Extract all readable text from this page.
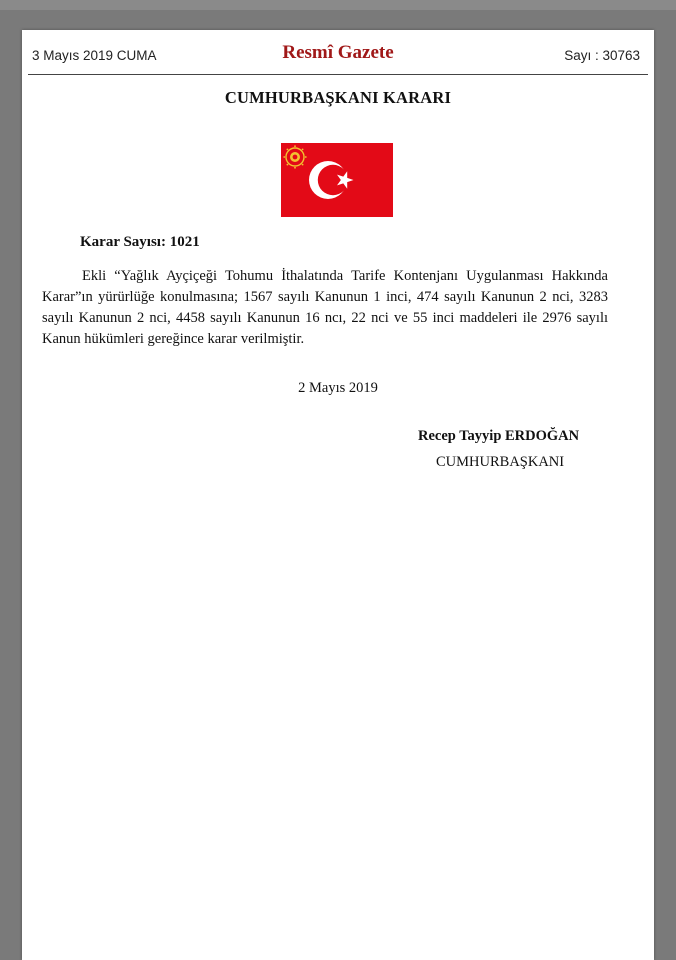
3 Mayıs 2019 CUMA	Resmî Gazete	Sayı : 30763
CUMHURBAŞKANI KARARI
Karar Sayısı: 1021
Ekli “Yağlık Ayçiçeği Tohumu İthalatında Tarife Kontenjanı Uygulanması Hakkında Karar”ın yürürlüğe konulmasına; 1567 sayılı Kanunun 1 inci, 474 sayılı Kanunun 2 nci, 3283 sayılı Kanunun 2 nci, 4458 sayılı Kanunun 16 ncı, 22 nci ve 55 inci maddeleri ile 2976 sayılı Kanun hükümleri gereğince karar verilmiştir.
2 Mayıs 2019
Recep Tayyip ERDOĞAN
CUMHURBAŞKANI
